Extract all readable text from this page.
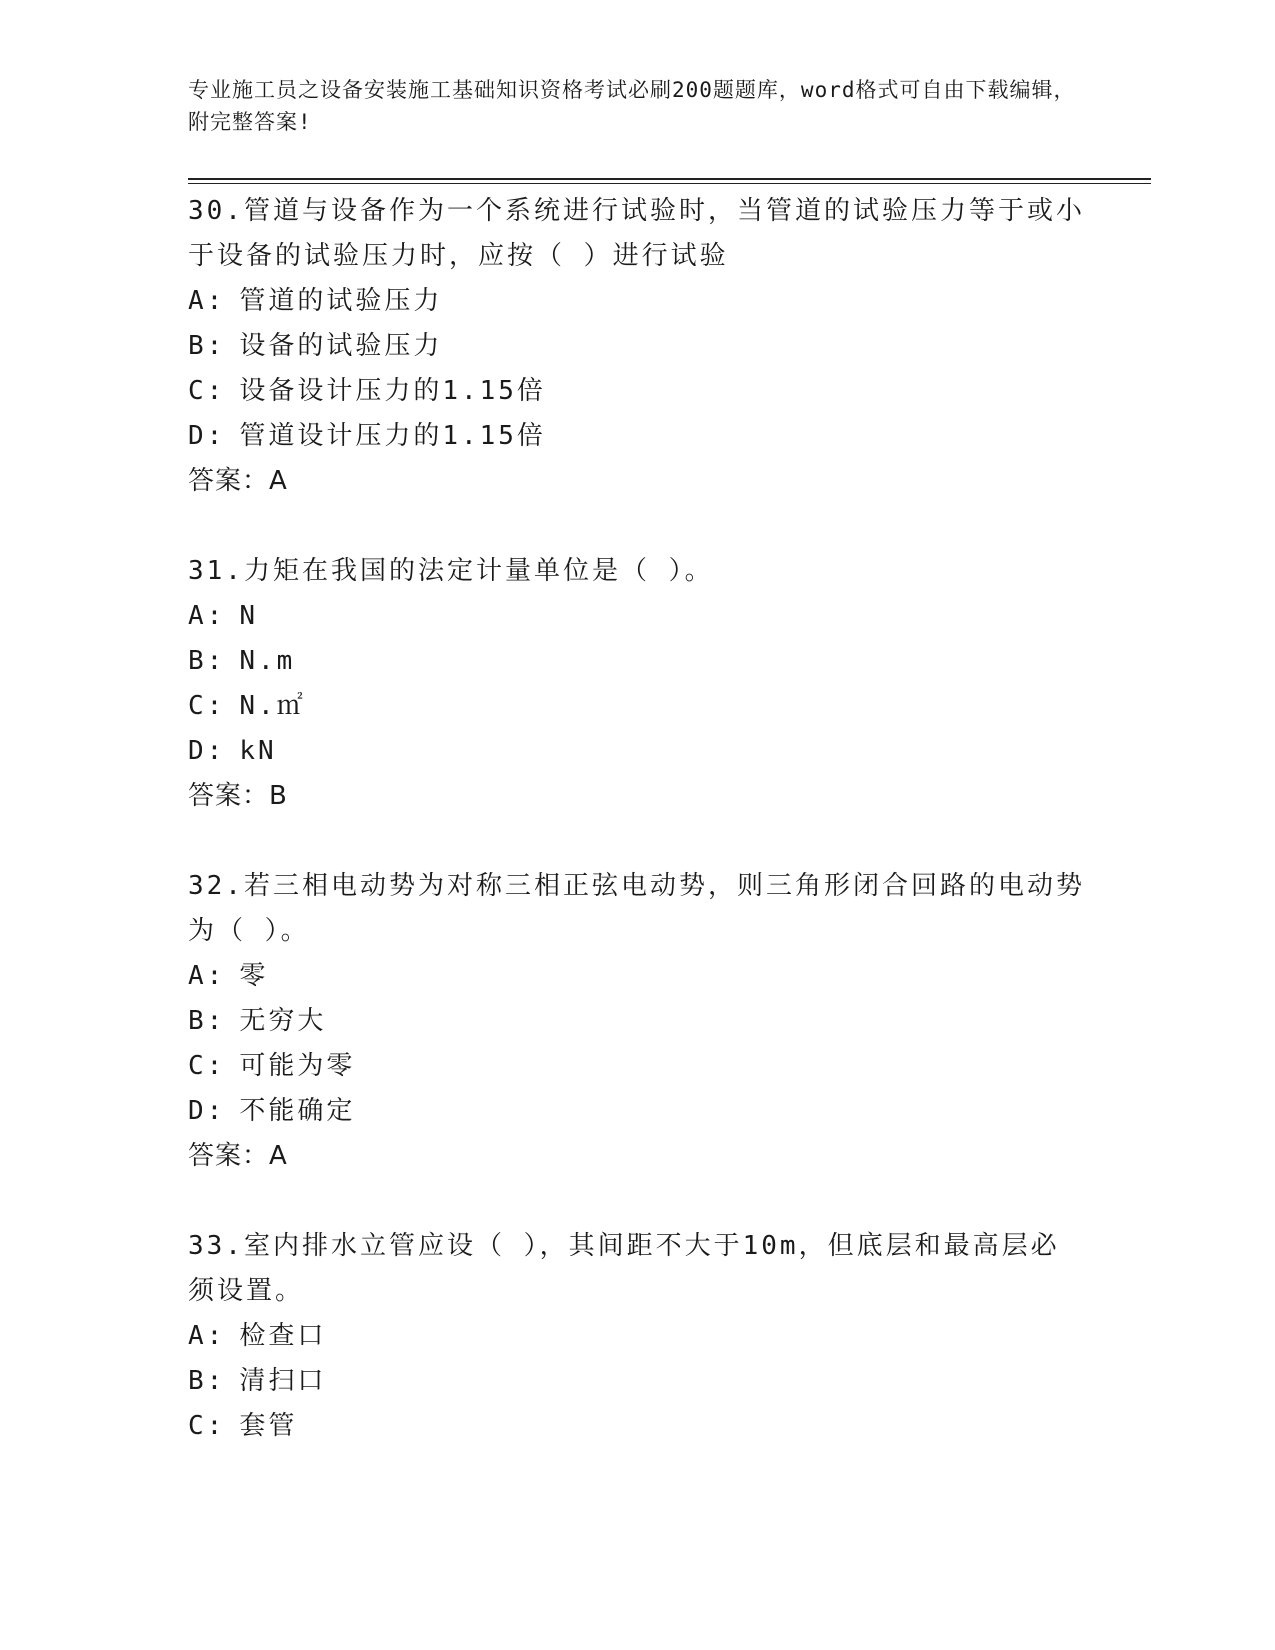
专业施工员之设备安装施工基础知识资格考试必刷200题题库，word格式可自由下载编辑，附完整答案!
30.管道与设备作为一个系统进行试验时，当管道的试验压力等于或小于设备的试验压力时，应按（ ）进行试验
A: 管道的试验压力
B: 设备的试验压力
C: 设备设计压力的1.15倍
D: 管道设计压力的1.15倍
答案：A
31.力矩在我国的法定计量单位是（ ）。
A: N
B: N.m
C: N.㎡
D: kN
答案：B
32.若三相电动势为对称三相正弦电动势，则三角形闭合回路的电动势为（ ）。
A: 零
B: 无穷大
C: 可能为零
D: 不能确定
答案：A
33.室内排水立管应设（ ），其间距不大于10m，但底层和最高层必须设置。
A: 检查口
B: 清扫口
C: 套管
